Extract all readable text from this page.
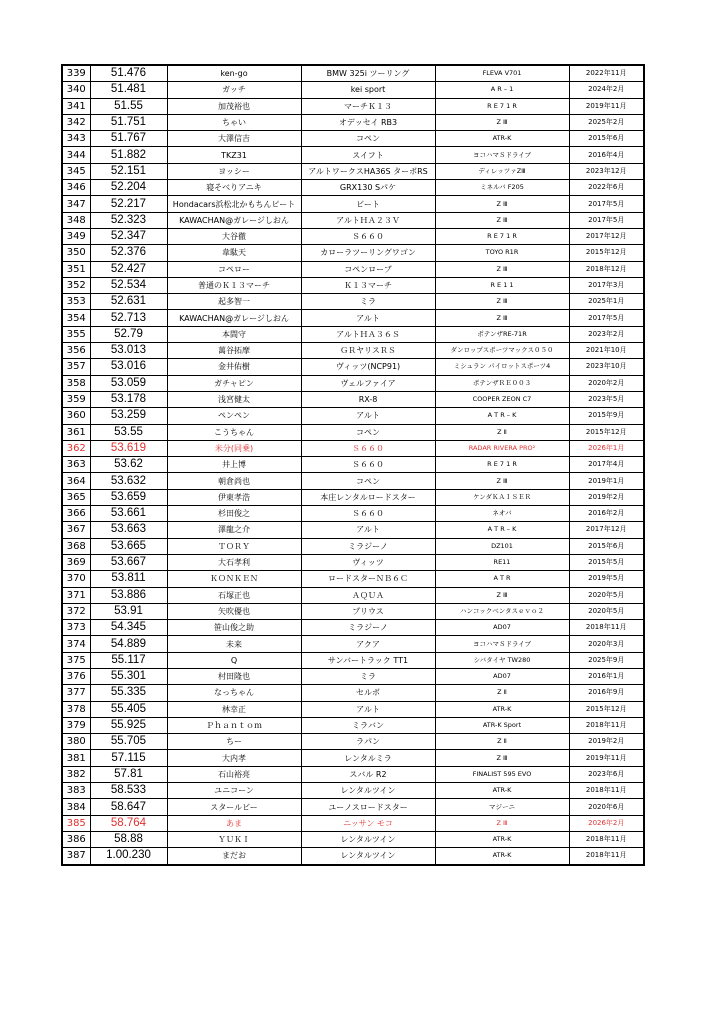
339	51.476	ken-go	BMW 325i ツーリング	FLEVA V701	2022年11月
340	51.481	ガッチ	kei sport	A R – 1	2024年2月
341	51.55	加茂裕也	マーチＫ１３	R E 7 1 R	2019年11月
342	51.751	ちゃい	オデッセイ RB3	Z Ⅲ	2025年2月
343	51.767	大澤信吉	コペン	ATR-K	2015年6月
344	51.882	TKZ31	スイフト	ヨコハマＳドライブ	2016年4月
345	52.151	ヨッシー	アルトワークスHA36S ターボRS	ディレッツァZⅢ	2023年12月
346	52.204	寝そべりアニキ	GRX130 Sパケ	ミネルバ F205	2022年6月
347	52.217	Hondacars浜松北かもちんピート	ビート	Z Ⅲ	2017年5月
348	52.323	KAWACHAN@ガレージしおん	アルトＨＡ２３Ｖ	Z Ⅲ	2017年5月
349	52.347	大谷徹	Ｓ６６０	R E 7 1 R	2017年12月
350	52.376	韋駄天	カローラツーリングワゴン	TOYO R1R	2015年12月
351	52.427	コペロー	コペンローブ	Z Ⅲ	2018年12月
352	52.534	普通のＫ１３マーチ	Ｋ１３マーチ	R E 1 1	2017年3月
353	52.631	起多智一	ミラ	Z Ⅲ	2025年1月
354	52.713	KAWACHAN@ガレージしおん	アルト	Z Ⅲ	2017年5月
355	52.79	本間守	アルトＨＡ３６Ｓ	ポテンザRE-71R	2023年2月
356	53.013	萬谷拓摩	ＧＲヤリスＲＳ	ダンロップスポーツマックス０５０	2021年10月
357	53.016	金井佑樹	ヴィッツ(NCP91)	ミシュラン パイロットスポーツ4	2023年10月
358	53.059	ガチャピン	ヴェルファイア	ポテンザＲＥ００３	2020年2月
359	53.178	浅宮健太	RX-8	COOPER ZEON C7	2023年5月
360	53.259	ペンペン	アルト	A T R – K	2015年9月
361	53.55	こうちゃん	コペン	Z Ⅱ	2015年12月
362	53.619	米分(同乗)	Ｓ６６０	RADAR RIVERA PRO²	2026年1月
363	53.62	井上博	Ｓ６６０	R E 7 1 R	2017年4月
364	53.632	朝倉尚也	コペン	Z Ⅲ	2019年1月
365	53.659	伊東孝浩	本庄レンタルロードスター	ケンダＫＡＩＳＥＲ	2019年2月
366	53.661	杉田俊之	Ｓ６６０	ネオバ	2016年2月
367	53.663	澤龍之介	アルト	A T R – K	2017年12月
368	53.665	ＴＯＲＹ	ミラジーノ	DZ101	2015年6月
369	53.667	大石孝利	ヴィッツ	RE11	2015年5月
370	53.811	ＫＯＮＫＥＮ	ロードスターＮＢ６Ｃ	A T R	2019年5月
371	53.886	石塚正也	ＡＱＵＡ	Z Ⅲ	2020年5月
372	53.91	矢吹優也	プリウス	ハンコックベンタスｅｖｏ２	2020年5月
373	54.345	笹山俊之助	ミラジーノ	AD07	2018年11月
374	54.889	未来	アクア	ヨコハマＳドライブ	2020年3月
375	55.117	Q	サンバートラック TT1	シバタイヤ TW280	2025年9月
376	55.301	村田隆也	ミラ	AD07	2016年1月
377	55.335	なっちゃん	セルボ	Z Ⅱ	2016年9月
378	55.405	林幸正	アルト	ATR-K	2015年12月
379	55.925	Ｐｈａｎｔｏｍ	ミラバン	ATR-K Sport	2018年11月
380	55.705	ちー	ラパン	Z Ⅱ	2019年2月
381	57.115	大内孝	レンタルミラ	Z Ⅲ	2019年11月
382	57.81	石山裕亮	スバル R2	FINALIST 595 EVO	2023年6月
383	58.533	ユニコーン	レンタルツイン	ATR-K	2018年11月
384	58.647	スタールビー	ユーノスロードスター	マジーニ	2020年6月
385	58.764	あま	ニッサン モコ	Z Ⅲ	2026年2月
386	58.88	ＹＵＫＩ	レンタルツイン	ATR-K	2018年11月
387	1.00.230	まだお	レンタルツイン	ATR-K	2018年11月
